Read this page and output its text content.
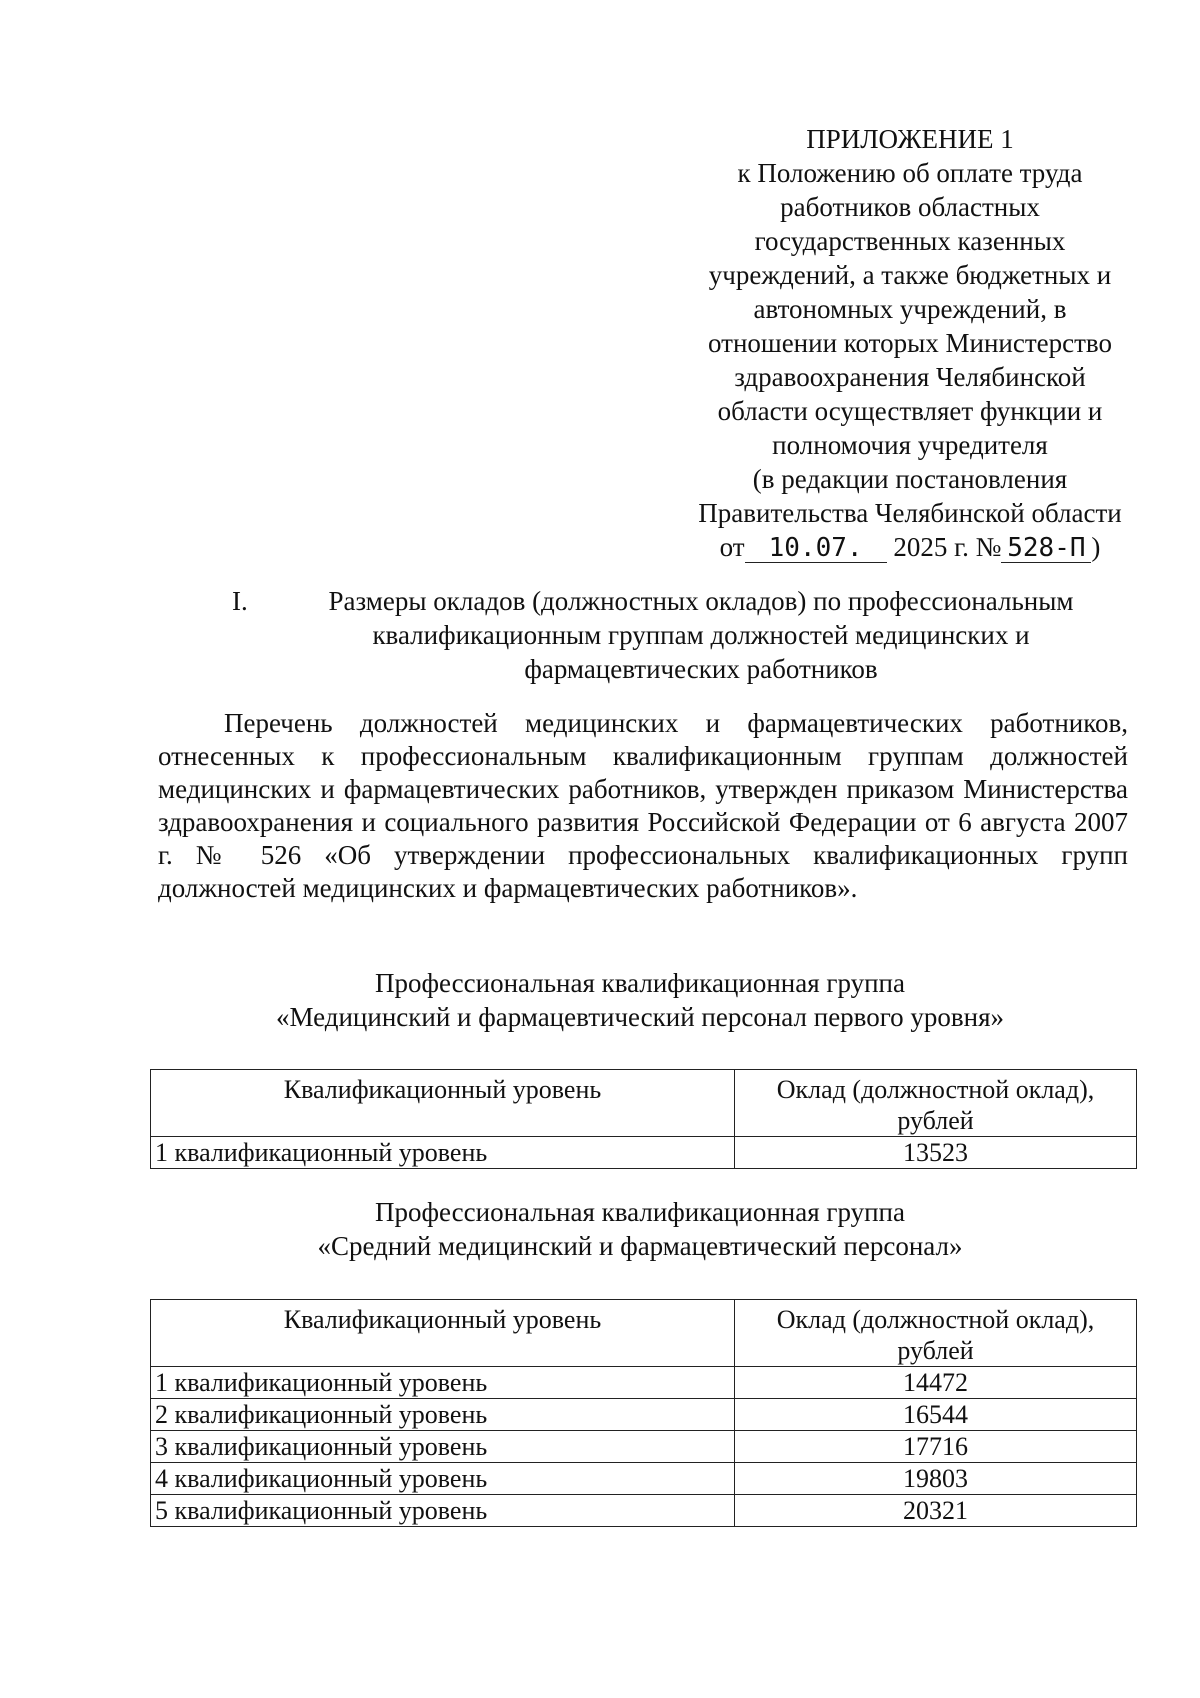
ПРИЛОЖЕНИЕ 1
к Положению об оплате труда
работников областных
государственных казенных
учреждений, а также бюджетных и
автономных учреждений, в
отношении которых Министерство
здравоохранения Челябинской
области осуществляет функции и
полномочия учредителя
(в редакции постановления
Правительства Челябинской области
от 10.07. 2025 г. № 528-П )
I.	Размеры окладов (должностных окладов) по профессиональным
квалификационным группам должностей медицинских и
фармацевтических работников
Перечень должностей медицинских и фармацевтических работников, отнесенных к профессиональным квалификационным группам должностей медицинских и фармацевтических работников, утвержден приказом Министерства здравоохранения и социального развития Российской Федерации от 6 августа 2007 г. № 526 «Об утверждении профессиональных квалификационных групп должностей медицинских и фармацевтических работников».
Профессиональная квалификационная группа
«Медицинский и фармацевтический персонал первого уровня»
Квалификационный уровень	Оклад (должностной оклад),
рублей

1 квалификационный уровень	13523
Профессиональная квалификационная группа
«Средний медицинский и фармацевтический персонал»
Квалификационный уровень	Оклад (должностной оклад),
рублей

1 квалификационный уровень	14472
2 квалификационный уровень	16544
3 квалификационный уровень	17716
4 квалификационный уровень	19803
5 квалификационный уровень	20321
